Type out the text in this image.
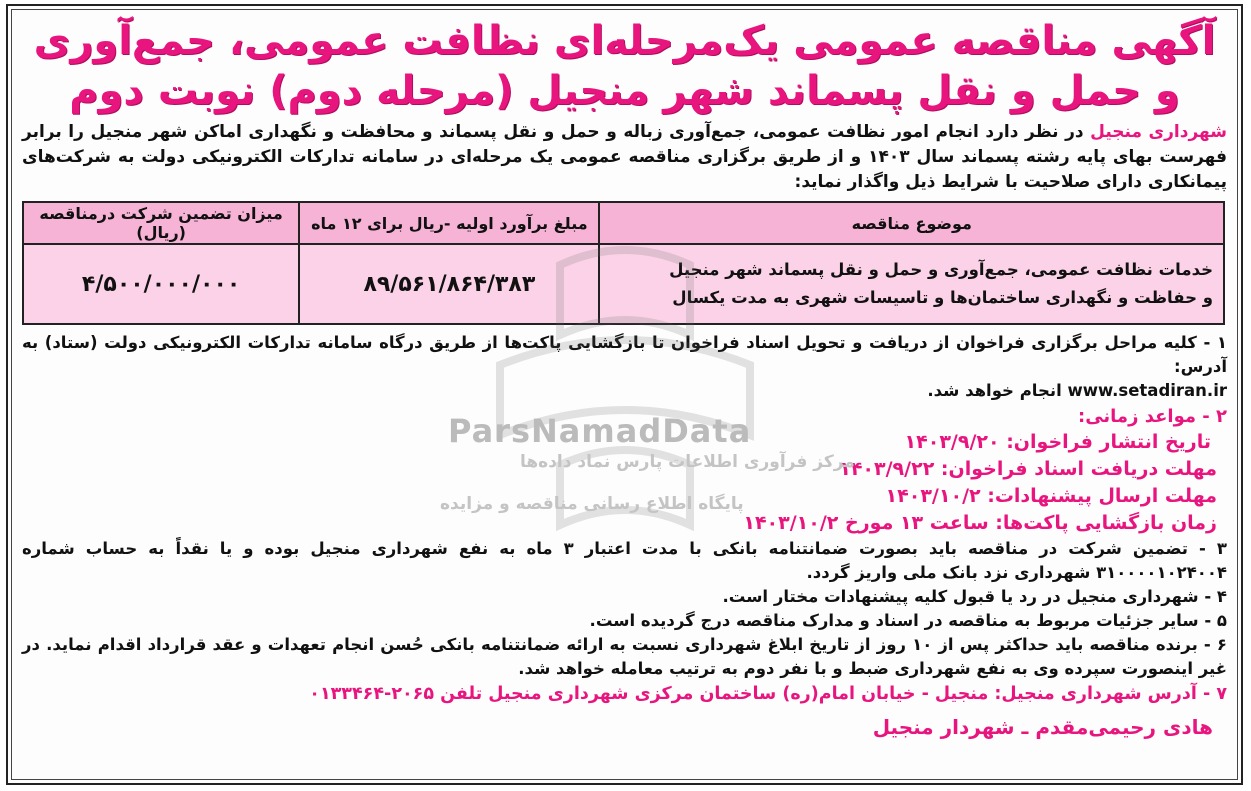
آگهی مناقصه عمومی یک‌مرحله‌ای نظافت عمومی، جمع‌آوری
و حمل و نقل پسماند شهر منجیل (مرحله دوم) نوبت دوم
شهرداری منجیل در نظر دارد انجام امور نظافت عمومی، جمع‌آوری زباله و حمل و نقل پسماند و محافظت و نگهداری اماکن شهر منجیل را برابر فهرست بهای پایه رشته پسماند سال ۱۴۰۳ و از طریق برگزاری مناقصه عمومی یک مرحله‌ای در سامانه تدارکات الکترونیکی دولت به شرکت‌های پیمانکاری دارای صلاحیت با شرایط ذیل واگذار نماید:
موضوع مناقصه	مبلغ برآورد اولیه -ریال برای ۱۲ ماه	میزان تضمین شرکت درمناقصه (ریال)

خدمات نظافت عمومی، جمع‌آوری و حمل و نقل پسماند شهر منجیل
و حفاظت و نگهداری ساختمان‌ها و تاسیسات شهری به مدت یکسال	۸۹/۵۶۱/۸۶۴/۳۸۳	۴/۵۰۰/۰۰۰/۰۰۰
۱ - کلیه مراحل برگزاری فراخوان از دریافت و تحویل اسناد فراخوان تا بازگشایی پاکت‌ها از طریق درگاه سامانه تدارکات الکترونیکی دولت (ستاد) به آدرس:
www.setadiran.ir انجام خواهد شد.
۲ - مواعد زمانی:
تاریخ انتشار فراخوان: ۱۴۰۳/۹/۲۰
مهلت دریافت اسناد فراخوان: ۱۴۰۳/۹/۲۲
مهلت ارسال پیشنهادات: ۱۴۰۳/۱۰/۲
زمان بازگشایی پاکت‌ها: ساعت ۱۳ مورخ ۱۴۰۳/۱۰/۲
۳ - تضمین شرکت در مناقصه باید بصورت ضمانتنامه بانکی با مدت اعتبار ۳ ماه به نفع شهرداری منجیل بوده و یا نقداً به حساب شماره ۳۱۰۰۰۰۱۰۲۴۰۰۴ شهرداری نزد بانک ملی واریز گردد.
۴ - شهرداری منجیل در رد یا قبول کلیه پیشنهادات مختار است.
۵ - سایر جزئیات مربوط به مناقصه در اسناد و مدارک مناقصه درج گردیده است.
۶ - برنده مناقصه باید حداکثر پس از ۱۰ روز از تاریخ ابلاغ شهرداری نسبت به ارائه ضمانتنامه بانکی حُسن انجام تعهدات و عقد قرارداد اقدام نماید. در غیر اینصورت سپرده وی به نفع شهرداری ضبط و با نفر دوم به ترتیب معامله خواهد شد.
۷ - آدرس شهرداری منجیل: منجیل - خیابان امام(ره) ساختمان مرکزی شهرداری منجیل تلفن ۲۰۶۵-۰۱۳۳۴۶۴
هادی رحیمی‌مقدم ـ شهردار منجیل
ParsNamadData
مرکز فرآوری اطلاعات پارس نماد داده‌ها
پایگاه اطلاع رسانی مناقصه و مزایده
